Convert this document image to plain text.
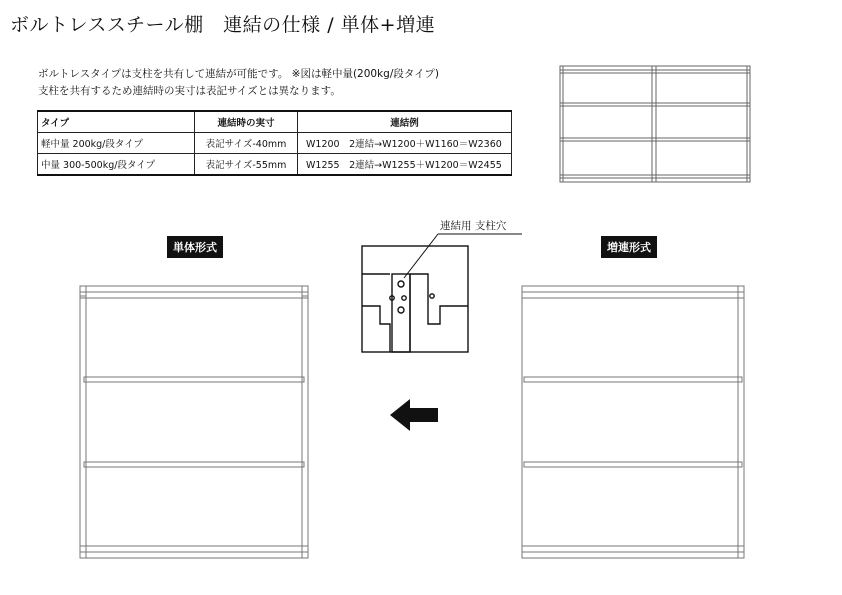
ボルトレススチール棚　連結の仕様 / 単体+増連
ボルトレスタイプは支柱を共有して連結が可能です。 ※図は軽中量(200kg/段タイプ)
支柱を共有するため連結時の実寸は表記サイズとは異なります。
タイプ	連結時の実寸	連結例
軽中量 200kg/段タイプ	表記サイズ-40mm	W1200　2連結→W1200＋W1160＝W2360
中量 300-500kg/段タイプ	表記サイズ-55mm	W1255　2連結→W1255＋W1200＝W2455
単体形式	増連形式
連結用 支柱穴
